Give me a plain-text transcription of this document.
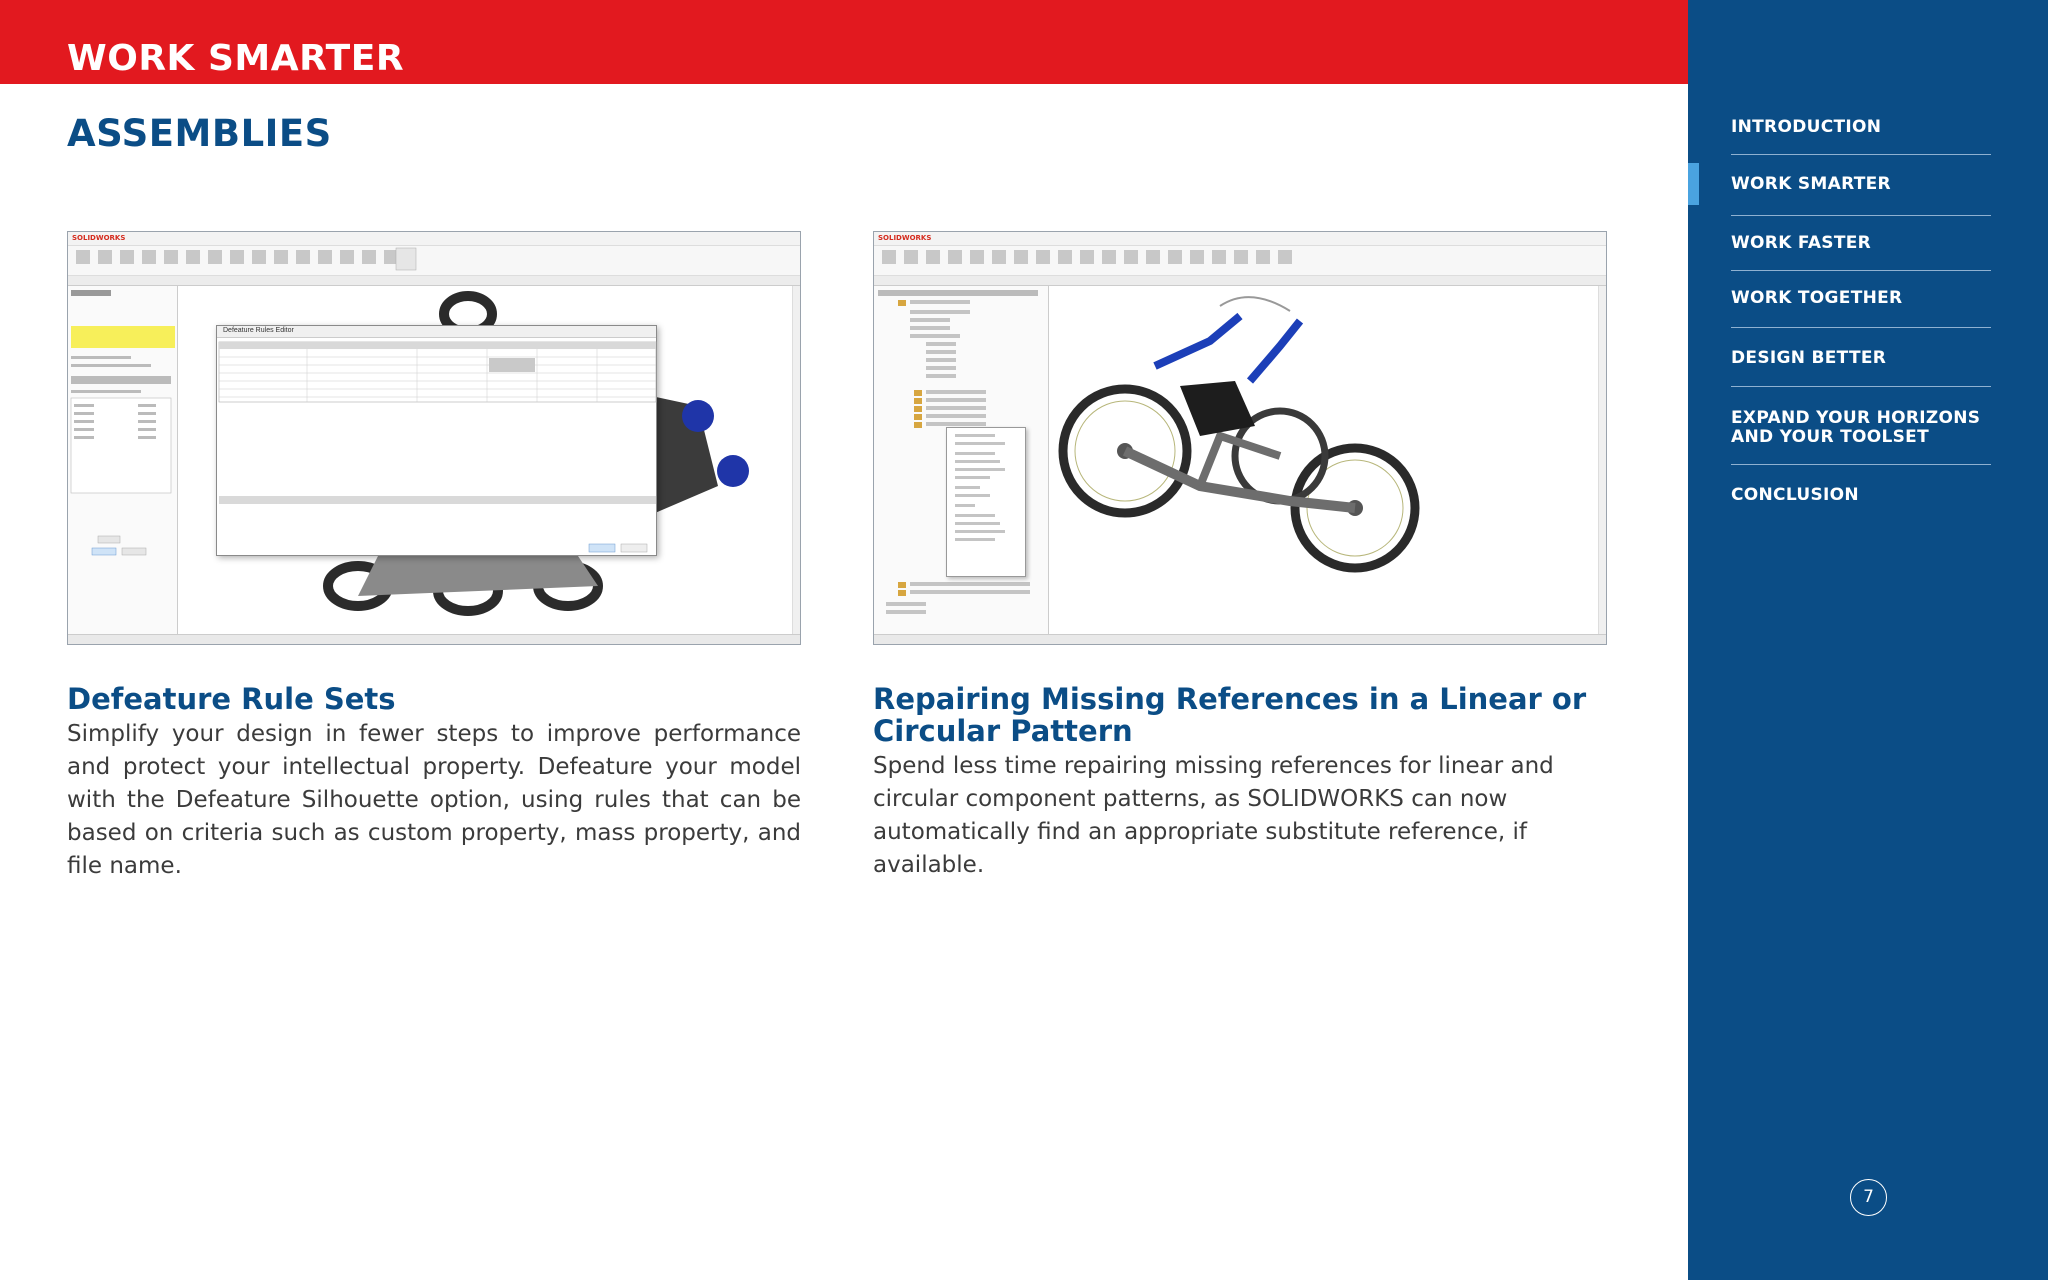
WORK SMARTER
ASSEMBLIES
SOLIDWORKS
Defeature Rules Editor
SOLIDWORKS
Defeature Rule Sets
Simplify your design in fewer steps to improve performance and protect your intellectual property. Defeature your model with the Defeature Silhouette option, using rules that can be based on criteria such as custom property, mass property, and file name.
Repairing Missing References in a Linear or
Circular Pattern
Spend less time repairing missing references for linear and circular component patterns, as SOLIDWORKS can now automatically find an appropriate substitute reference, if available.
INTRODUCTION
WORK SMARTER
WORK FASTER
WORK TOGETHER
DESIGN BETTER
EXPAND YOUR HORIZONS
AND YOUR TOOLSET
CONCLUSION
7
